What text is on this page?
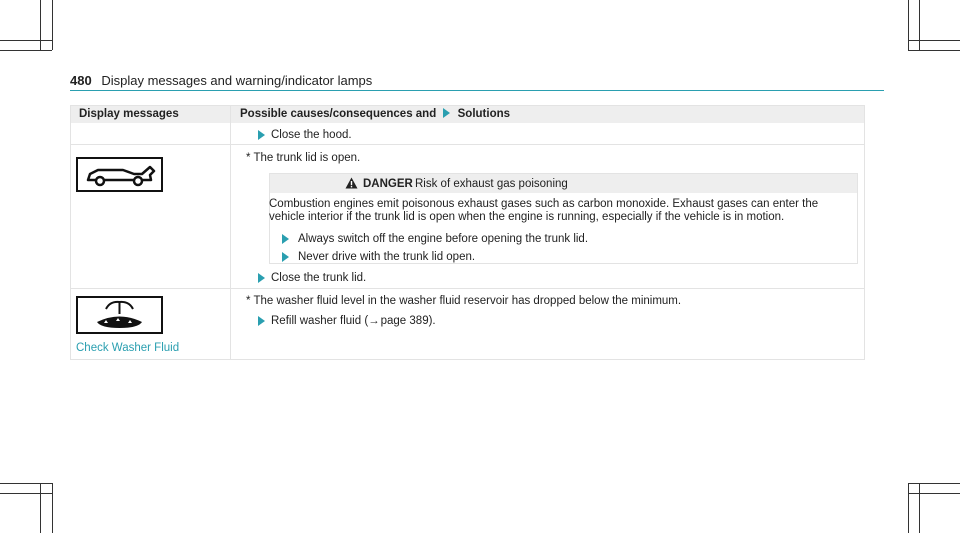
480 Display messages and warning/indicator lamps
Display messages	Possible causes/consequences and Solutions
Close the hood.
* The trunk lid is open.
DANGER Risk of exhaust gas poisoning
Combustion engines emit poisonous exhaust gases such as carbon monoxide. Exhaust gases can enter the
vehicle interior if the trunk lid is open when the engine is running, especially if the vehicle is in motion.
Always switch off the engine before opening the trunk lid.
Never drive with the trunk lid open.
Close the trunk lid.
Check Washer Fluid
* The washer fluid level in the washer fluid reservoir has dropped below the minimum.
Refill washer fluid (→ page 389).
